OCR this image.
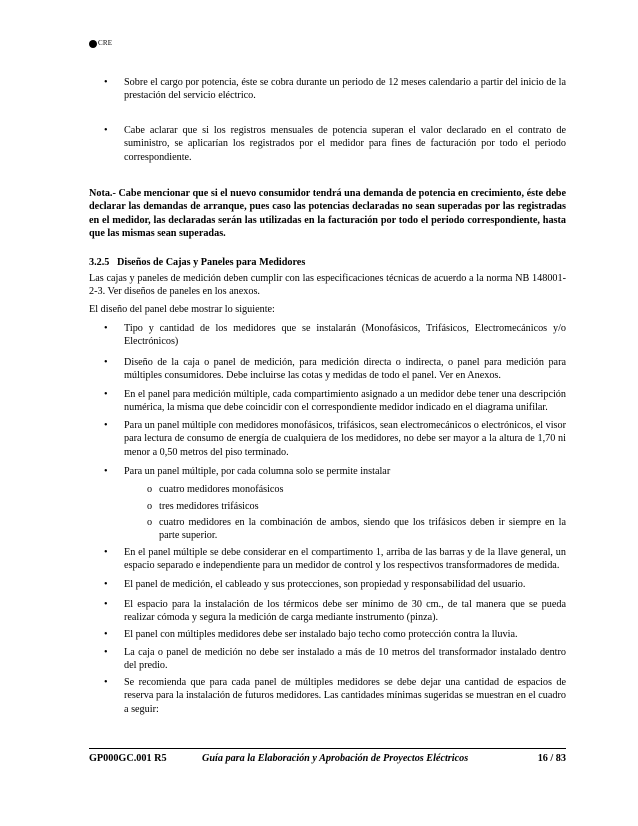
CRE
• Sobre el cargo por potencia, éste se cobra durante un periodo de 12 meses calendario a partir del inicio de la prestación del servicio eléctrico.
• Cabe aclarar que si los registros mensuales de potencia superan el valor declarado en el contrato de suministro, se aplicarían los registrados por el medidor para fines de facturación por todo el periodo correspondiente.
Nota.- Cabe mencionar que si el nuevo consumidor tendrá una demanda de potencia en crecimiento, éste debe declarar las demandas de arranque, pues caso las potencias declaradas no sean superadas por las registradas en el medidor, las declaradas serán las utilizadas en la facturación por todo el periodo correspondiente, hasta que las mismas sean superadas.
3.2.5 Diseños de Cajas y Paneles para Medidores
Las cajas y paneles de medición deben cumplir con las especificaciones técnicas de acuerdo a la norma NB 148001-2-3. Ver diseños de paneles en los anexos.
El diseño del panel debe mostrar lo siguiente:
• Tipo y cantidad de los medidores que se instalarán (Monofásicos, Trifásicos, Electromecánicos y/o Electrónicos)
• Diseño de la caja o panel de medición, para medición directa o indirecta, o panel para medición para múltiples consumidores. Debe incluirse las cotas y medidas de todo el panel. Ver en Anexos.
• En el panel para medición múltiple, cada compartimiento asignado a un medidor debe tener una descripción numérica, la misma que debe coincidir con el correspondiente medidor indicado en el diagrama unifilar.
• Para un panel múltiple con medidores monofásicos, trifásicos, sean electromecánicos o electrónicos, el visor para lectura de consumo de energía de cualquiera de los medidores, no debe ser mayor a la altura de 1,70 ni menor a 0,50 metros del piso terminado.
• Para un panel múltiple, por cada columna solo se permite instalar
o cuatro medidores monofásicos
o tres medidores trifásicos
o cuatro medidores en la combinación de ambos, siendo que los trifásicos deben ir siempre en la parte superior.
• En el panel múltiple se debe considerar en el compartimento 1, arriba de las barras y de la llave general, un espacio separado e independiente para un medidor de control y los respectivos transformadores de medida.
• El panel de medición, el cableado y sus protecciones, son propiedad y responsabilidad del usuario.
• El espacio para la instalación de los térmicos debe ser mínimo de 30 cm., de tal manera que se pueda realizar cómoda y segura la medición de carga mediante instrumento (pinza).
• El panel con múltiples medidores debe ser instalado bajo techo como protección contra la lluvia.
• La caja o panel de medición no debe ser instalado a más de 10 metros del transformador instalado dentro del predio.
• Se recomienda que para cada panel de múltiples medidores se debe dejar una cantidad de espacios de reserva para la instalación de futuros medidores. Las cantidades mínimas sugeridas se muestran en el cuadro a seguir:
GP000GC.001 R5	Guía para la Elaboración y Aprobación de Proyectos Eléctricos	16 / 83
